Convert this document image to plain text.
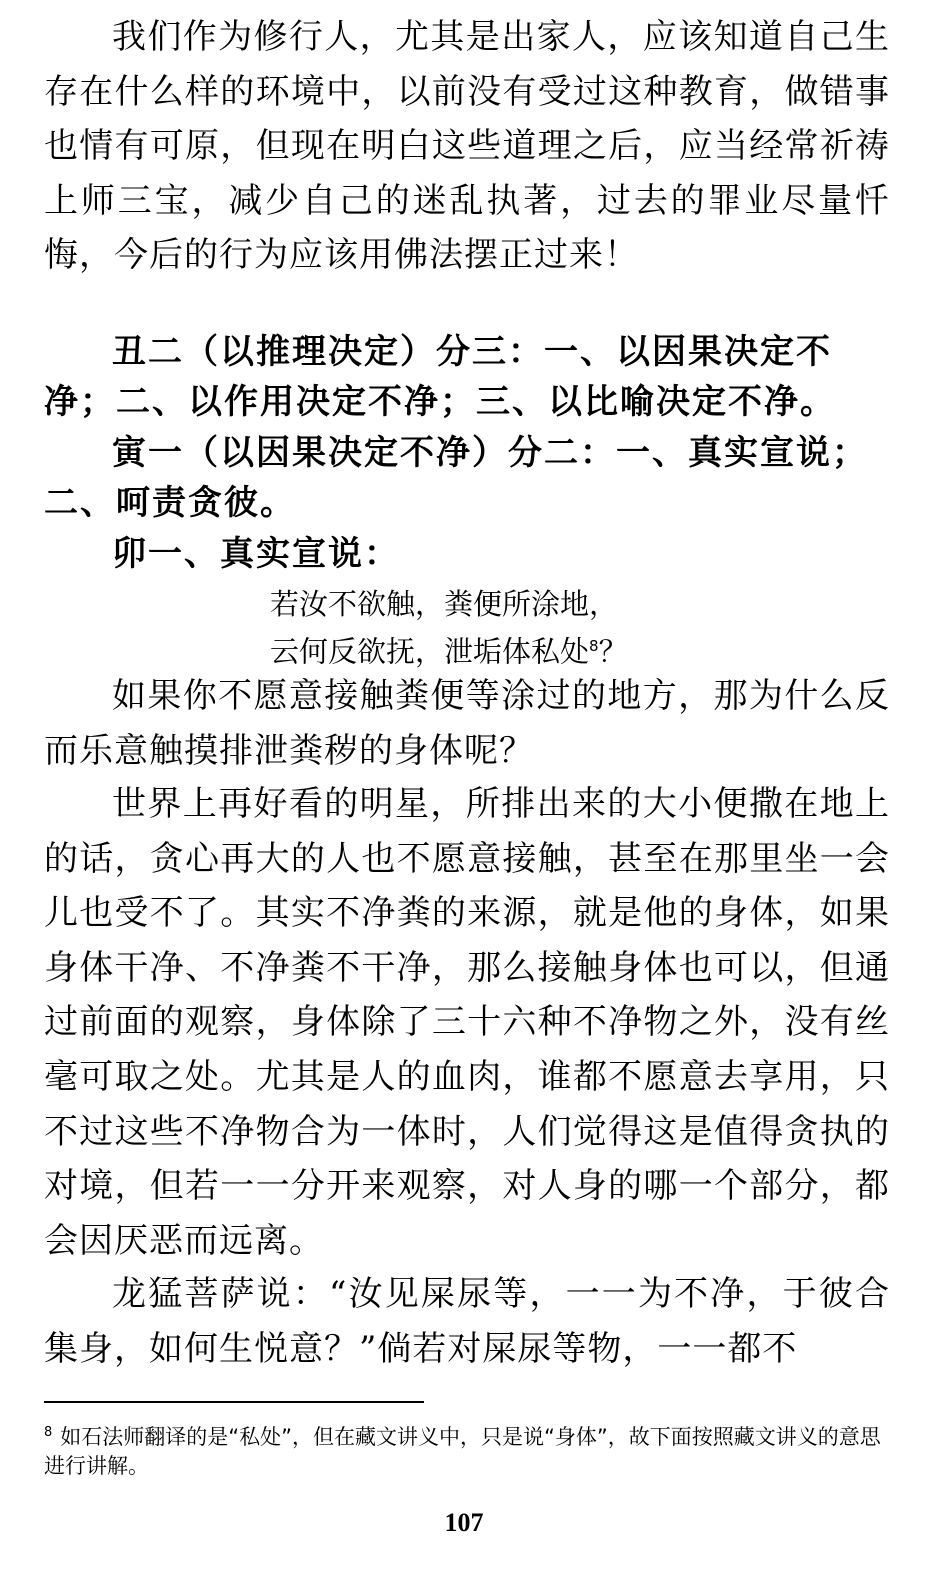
我们作为修行人，尤其是出家人，应该知道自己生存在什么样的环境中，以前没有受过这种教育，做错事也情有可原，但现在明白这些道理之后，应当经常祈祷上师三宝，减少自己的迷乱执著，过去的罪业尽量忏悔，今后的行为应该用佛法摆正过来！

丑二（以推理决定）分三：一、以因果决定不净；二、以作用决定不净；三、以比喻决定不净。

寅一（以因果决定不净）分二：一、真实宣说；二、呵责贪彼。

卯一、真实宣说：

若汝不欲触，粪便所涂地，

云何反欲抚，泄垢体私处$^8$？

如果你不愿意接触粪便等涂过的地方，那为什么反而乐意触摸排泄粪秽的身体呢？

世界上再好看的明星，所排出来的大小便撒在地上的话，贪心再大的人也不愿意接触，甚至在那里坐一会儿也受不了。其实不净粪的来源，就是他的身体，如果身体干净、不净粪不干净，那么接触身体也可以，但通过前面的观察，身体除了三十六种不净物之外，没有丝毫可取之处。尤其是人的血肉，谁都不愿意去享用，只不过这些不净物合为一体时，人们觉得这是值得贪执的对境，但若一一分开来观察，对人身的哪一个部分，都会因厌恶而远离。

龙猛菩萨说：“汝见屎尿等，一一为不净，于彼合集身，如何生悦意？”倘若对屎尿等物，一一都不

$^8$ 如石法师翻译的是“私处”，但在藏文讲义中，只是说“身体”，故下面按照藏文讲义的意思进行讲解。

107
